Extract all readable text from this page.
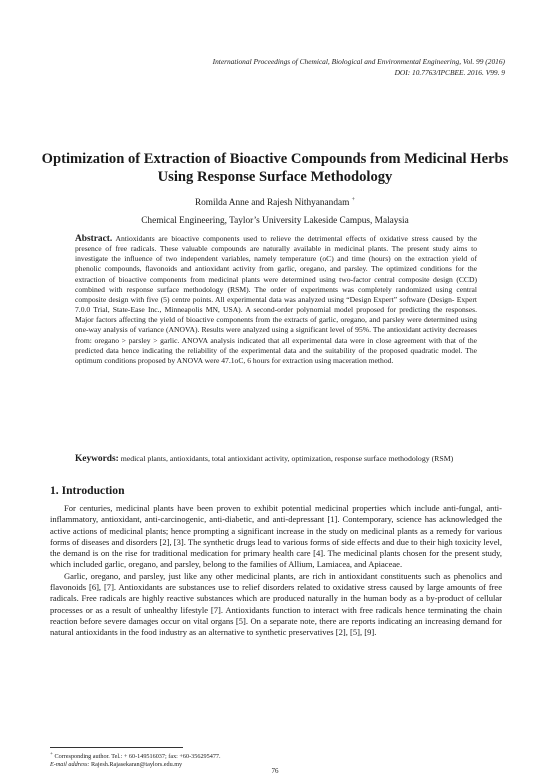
International Proceedings of Chemical, Biological and Environmental Engineering, Vol. 99 (2016)
DOI: 10.7763/IPCBEE. 2016. V99. 9
Optimization of Extraction of Bioactive Compounds from Medicinal Herbs Using Response Surface Methodology
Romilda Anne and Rajesh Nithyanandam +
Chemical Engineering, Taylor’s University Lakeside Campus, Malaysia
Abstract. Antioxidants are bioactive components used to relieve the detrimental effects of oxidative stress caused by the presence of free radicals. These valuable compounds are naturally available in medicinal plants. The present study aims to investigate the influence of two independent variables, namely temperature (oC) and time (hours) on the extraction yield of phenolic compounds, flavonoids and antioxidant activity from garlic, oregano, and parsley. The optimized conditions for the extraction of bioactive components from medicinal plants were determined using two-factor central composite design (CCD) combined with response surface methodology (RSM). The order of experiments was completely randomized using central composite design with five (5) centre points. All experimental data was analyzed using “Design Expert” software (Design- Expert 7.0.0 Trial, State-Ease Inc., Minneapolis MN, USA). A second-order polynomial model proposed for predicting the responses. Major factors affecting the yield of bioactive components from the extracts of garlic, oregano, and parsley were determined using one-way analysis of variance (ANOVA). Results were analyzed using a significant level of 95%. The antioxidant activity decreases from: oregano > parsley > garlic. ANOVA analysis indicated that all experimental data were in close agreement with that of the predicted data hence indicating the reliability of the experimental data and the suitability of the proposed quadratic model. The optimum conditions proposed by ANOVA were 47.1oC, 6 hours for extraction using maceration method.
Keywords: medical plants, antioxidants, total antioxidant activity, optimization, response surface methodology (RSM)
1. Introduction

For centuries, medicinal plants have been proven to exhibit potential medicinal properties which include anti-fungal, anti-inflammatory, antioxidant, anti-carcinogenic, anti-diabetic, and anti-depressant [1]. Contemporary, science has acknowledged the active actions of medicinal plants; hence prompting a significant increase in the study on medicinal plants as a remedy for various forms of diseases and disorders [2], [3]. The synthetic drugs lead to various forms of side effects and due to their high toxicity level, the demand is on the rise for traditional medication for primary health care [4]. The medicinal plants chosen for the present study, which included garlic, oregano, and parsley, belong to the families of Allium, Lamiacea, and Apiaceae.

Garlic, oregano, and parsley, just like any other medicinal plants, are rich in antioxidant constituents such as phenolics and flavonoids [6], [7]. Antioxidants are substances use to relief disorders related to oxidative stress caused by large amounts of free radicals. Free radicals are highly reactive substances which are produced naturally in the human body as a by-product of cellular processes or as a result of unhealthy lifestyle [7]. Antioxidants function to interact with free radicals hence terminating the chain reaction before severe damages occur on vital organs [5]. On a separate note, there are reports indicating an increasing demand for natural antioxidants in the food industry as an alternative to synthetic preservatives [2], [5], [9].

+ Corresponding author. Tel.: + 60-149516037; fax: +60-356295477.
E-mail address: Rajesh.Rajasekaran@taylors.edu.my
76
